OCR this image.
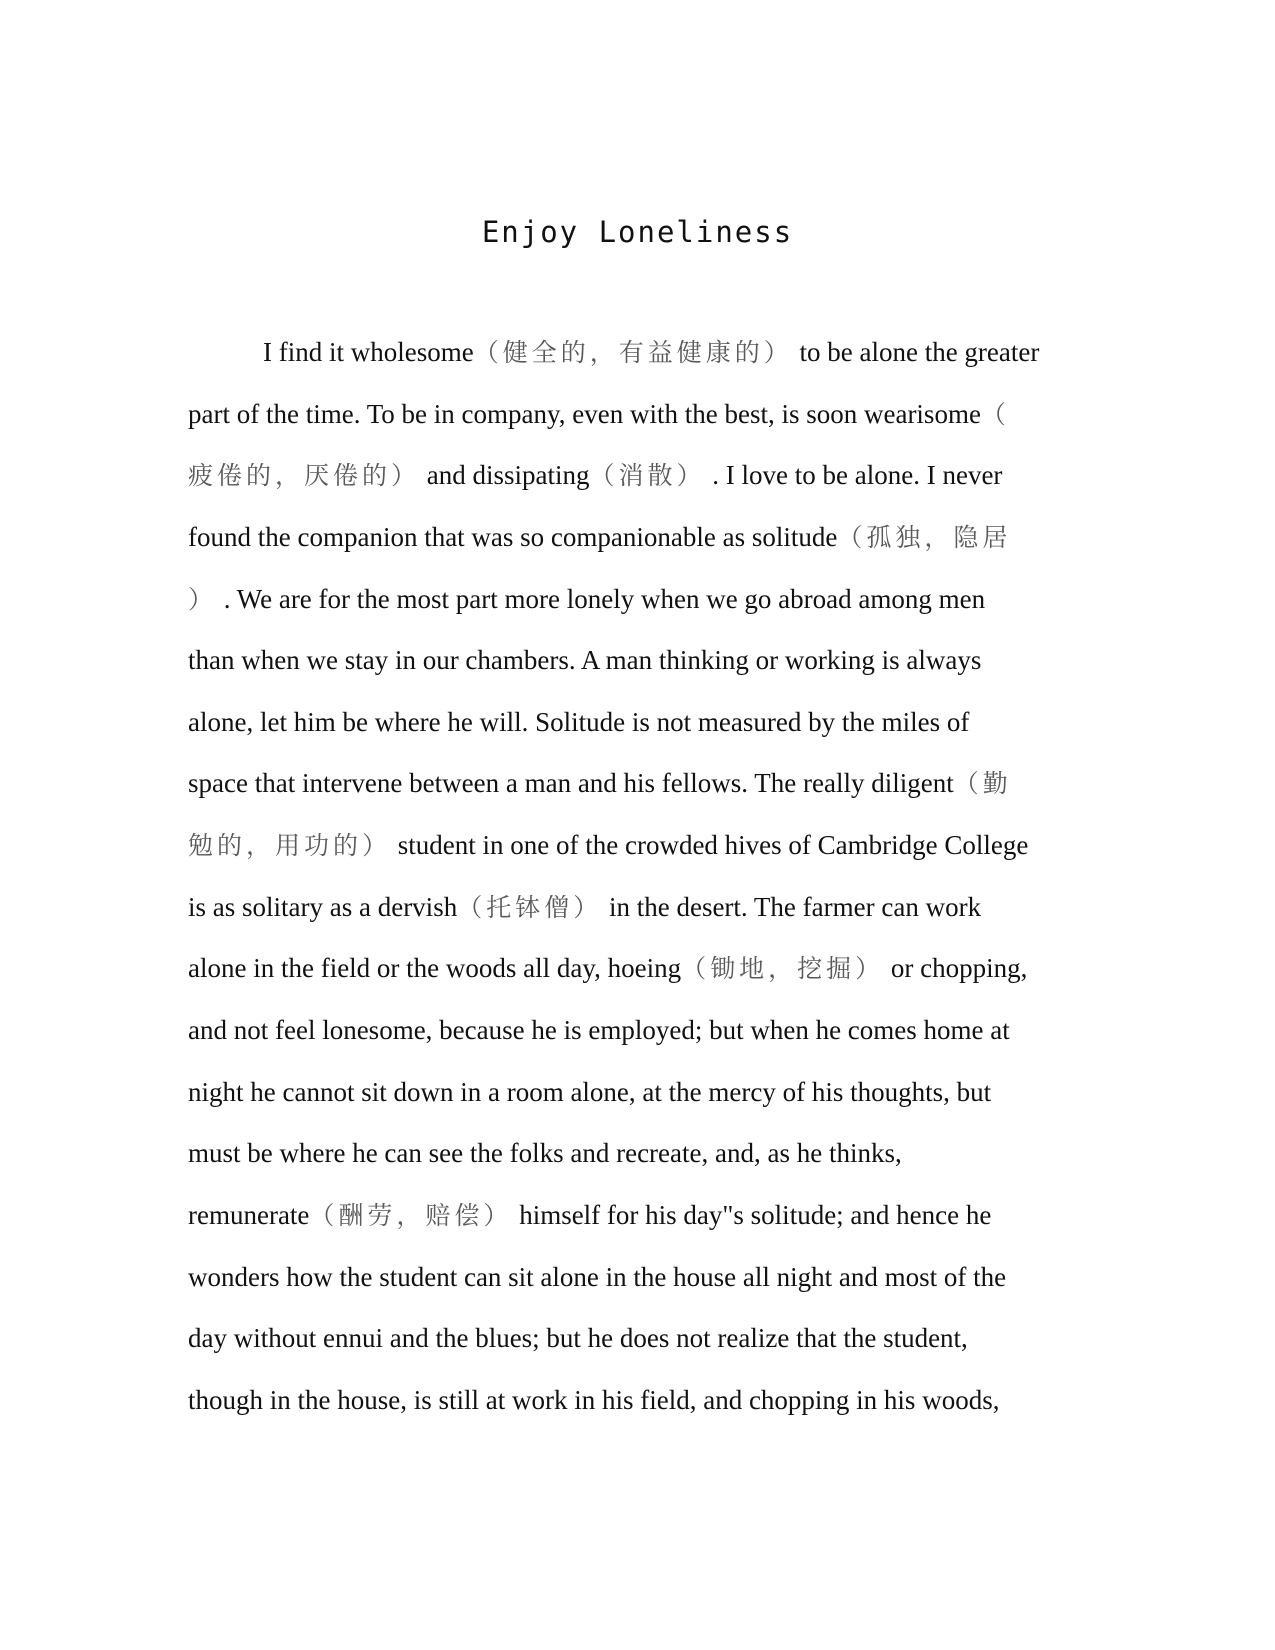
Enjoy Loneliness
I find it wholesome（健全的，有益健康的） to be alone the greater
part of the time. To be in company, even with the best, is soon wearisome（
疲倦的，厌倦的） and dissipating（消散） . I love to be alone. I never
found the companion that was so companionable as solitude（孤独，隐居
） . We are for the most part more lonely when we go abroad among men
than when we stay in our chambers. A man thinking or working is always
alone, let him be where he will. Solitude is not measured by the miles of
space that intervene between a man and his fellows. The really diligent（勤
勉的，用功的） student in one of the crowded hives of Cambridge College
is as solitary as a dervish（托钵僧） in the desert. The farmer can work
alone in the field or the woods all day, hoeing（锄地，挖掘） or chopping,
and not feel lonesome, because he is employed; but when he comes home at
night he cannot sit down in a room alone, at the mercy of his thoughts, but
must be where he can see the folks and recreate, and, as he thinks,
remunerate（酬劳，赔偿） himself for his day"s solitude; and hence he
wonders how the student can sit alone in the house all night and most of the
day without ennui and the blues; but he does not realize that the student,
though in the house, is still at work in his field, and chopping in his woods,
